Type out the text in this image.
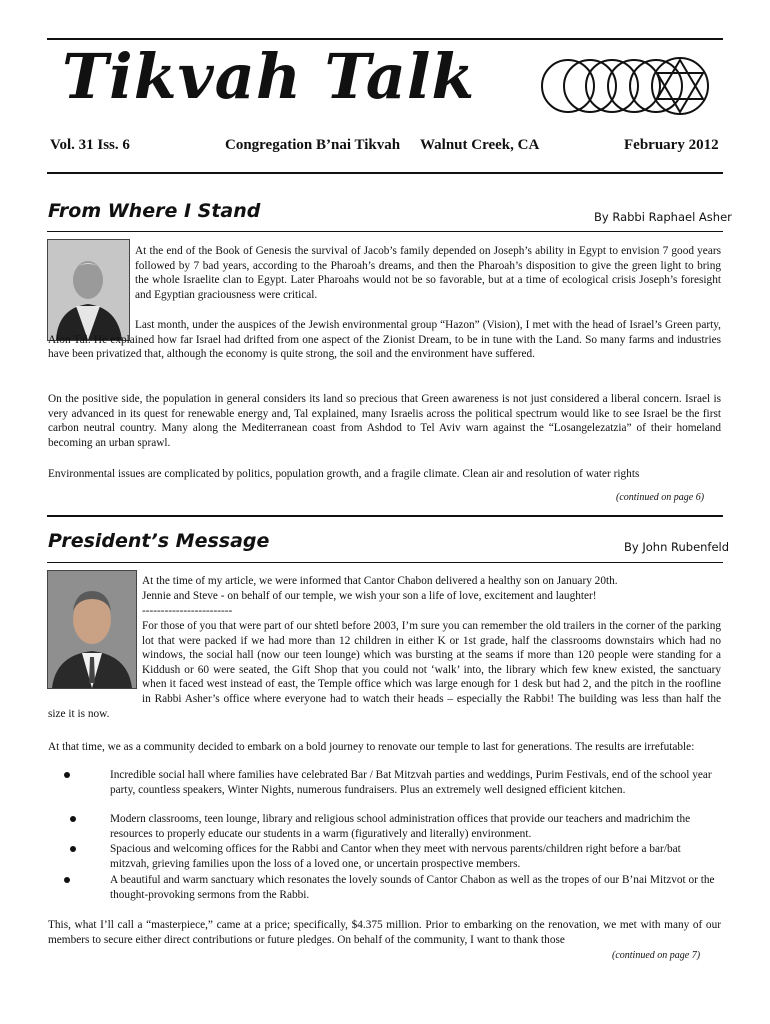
Tikvah Talk
Vol. 31 Iss. 6	Congregation B’nai Tikvah Walnut Creek, CA	February 2012
From Where I Stand	By Rabbi Raphael Asher
At the end of the Book of Genesis the survival of Jacob’s family depended on Joseph’s ability in Egypt to envision 7 good years followed by 7 bad years, according to the Pharoah’s dreams, and then the Pharoah’s disposition to give the green light to bring the whole Israelite clan to Egypt. Later Pharoahs would not be so favorable, but at a time of ecological crisis Joseph’s foresight and Egyptian graciousness were critical.
Last month, under the auspices of the Jewish environmental group “Hazon” (Vision), I met with the head of Israel’s Green party, Alon Tal. He explained how far Israel had drifted from one aspect of the Zionist Dream, to be in tune with the Land. So many farms and industries have been privatized that, although the economy is quite strong, the soil and the environment have suffered.
On the positive side, the population in general considers its land so precious that Green awareness is not just considered a liberal concern. Israel is very advanced in its quest for renewable energy and, Tal explained, many Israelis across the political spectrum would like to see Israel be the first carbon neutral country. Many along the Mediterranean coast from Ashdod to Tel Aviv warn against the “Losangelezatzia” of their homeland becoming an urban sprawl.
Environmental issues are complicated by politics, population growth, and a fragile climate. Clean air and resolution of water rights
(continued on page 6)
President’s Message	By John Rubenfeld
At the time of my article, we were informed that Cantor Chabon delivered a healthy son on January 20th.
Jennie and Steve - on behalf of our temple, we wish your son a life of love, excitement and laughter!
------------------------
For those of you that were part of our shtetl before 2003, I’m sure you can remember the old trailers in the corner of the parking lot that were packed if we had more than 12 children in either K or 1st grade, half the classrooms downstairs which had no windows, the social hall (now our teen lounge) which was bursting at the seams if more than 120 people were standing for a Kiddush or 60 were seated, the Gift Shop that you could not ‘walk’ into, the library which few knew existed, the sanctuary when it faced west instead of east, the Temple office which was large enough for 1 desk but had 2, and the pitch in the roofline in Rabbi Asher’s office where everyone had to watch their heads – especially the Rabbi! The building was less than half the size it is now.
At that time, we as a community decided to embark on a bold journey to renovate our temple to last for generations. The results are irrefutable:
Incredible social hall where families have celebrated Bar / Bat Mitzvah parties and weddings, Purim Festivals, end of the school year party, countless speakers, Winter Nights, numerous fundraisers. Plus an extremely well designed efficient kitchen.
Modern classrooms, teen lounge, library and religious school administration offices that provide our teachers and madrichim the resources to properly educate our students in a warm (figuratively and literally) environment.
Spacious and welcoming offices for the Rabbi and Cantor when they meet with nervous parents/children right before a bar/bat mitzvah, grieving families upon the loss of a loved one, or uncertain prospective members.
A beautiful and warm sanctuary which resonates the lovely sounds of Cantor Chabon as well as the tropes of our B’nai Mitzvot or the thought-provoking sermons from the Rabbi.
This, what I’ll call a “masterpiece,” came at a price; specifically, $4.375 million. Prior to embarking on the renovation, we met with many of our members to secure either direct contributions or future pledges. On behalf of the community, I want to thank those
(continued on page 7)
